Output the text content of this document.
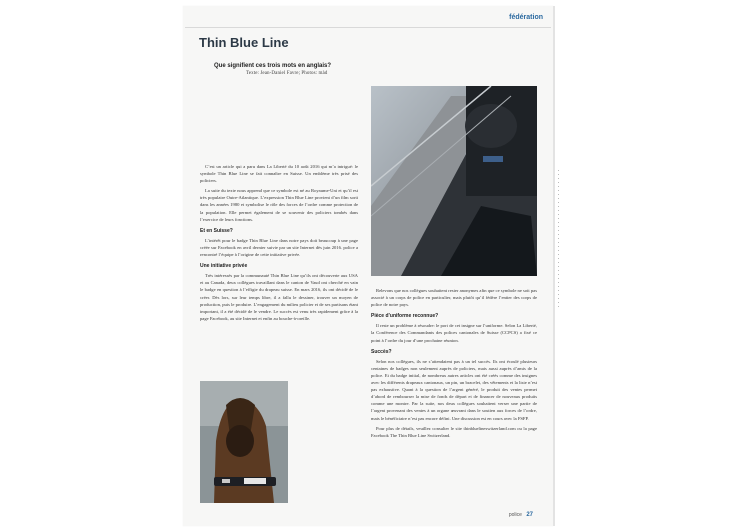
fédération
Thin Blue Line
Que signifient ces trois mots en anglais?
Texte: Jean-Daniel Favre; Photos: màd

C’est un article qui a paru dans La Liberté du 10 août 2016 qui m’a intrigué: le symbole Thin Blue Line se fait connaître en Suisse. Un emblème très prisé des policiers.

La suite du texte nous apprend que ce symbole est né au Royaume-Uni et qu’il est très populaire Outre-Atlantique. L’expression Thin Blue Line provient d’un film sorti dans les années 1980 et symbolise le rôle des forces de l’ordre comme protection de la population. Elle permet également de se souvenir des policiers tombés dans l’exercice de leurs fonctions.

Et en Suisse?

L’intérêt pour le badge Thin Blue Line dans notre pays doit beaucoup à une page créée sur Facebook en avril dernier suivie par un site Internet dès juin 2016. police a rencontré l’équipe à l’origine de cette initiative privée.

Une initiative privée

Très intéressés par la communauté Thin Blue Line qu’ils ont découverte aux USA et au Canada, deux collègues travaillant dans le canton de Vaud ont cherché en vain le badge en question à l’effigie du drapeau suisse. En mars 2016, ils ont décidé de le créer. Dès lors, sur leur temps libre, il a fallu le dessiner, trouver un moyen de production, puis le produire. L’engagement du milieu policier et de ses partisans étant important, il a été décidé de le vendre. Le succès est venu très rapidement grâce à la page Facebook, au site Internet et enfin au bouche-à-oreille.

Relevons que nos collègues souhaitent rester anonymes afin que ce symbole ne soit pas associé à un corps de police en particulier, mais plutôt qu’il fédère l’entier des corps de police de notre pays.

Pièce d’uniforme reconnue?

Il reste un problème à résoudre: le port de cet insigne sur l’uniforme. Selon La Liberté, la Conférence des Commandants des polices cantonales de Suisse (CCPCS) a fixé ce point à l’ordre du jour d’une prochaine réunion.

Succès?

Selon nos collègues, ils ne s’attendaient pas à un tel succès. Ils ont écoulé plusieurs centaines de badges non seulement auprès de policiers, mais aussi auprès d’amis de la police. Et du badge initial, de nombreux autres articles ont été créés comme des insignes avec les différents drapeaux cantonaux, un pin, un bracelet, des vêtements et la liste n’est pas exhaustive. Quant à la question de l’argent généré, le produit des ventes permet d’abord de rembourser la mise de fonds de départ et de financer de nouveaux produits comme une montre. Par la suite, nos deux collègues souhaitent verser une partie de l’argent provenant des ventes à un organe œuvrant dans le soutien aux forces de l’ordre, mais le bénéficiaire n’est pas encore défini. Une discussion est en cours avec la FSFP.

Pour plus de détails, veuillez consulter le site thinbluelineswitzerland.com ou la page Facebook The Thin Blue Line Switzerland.

police 27
